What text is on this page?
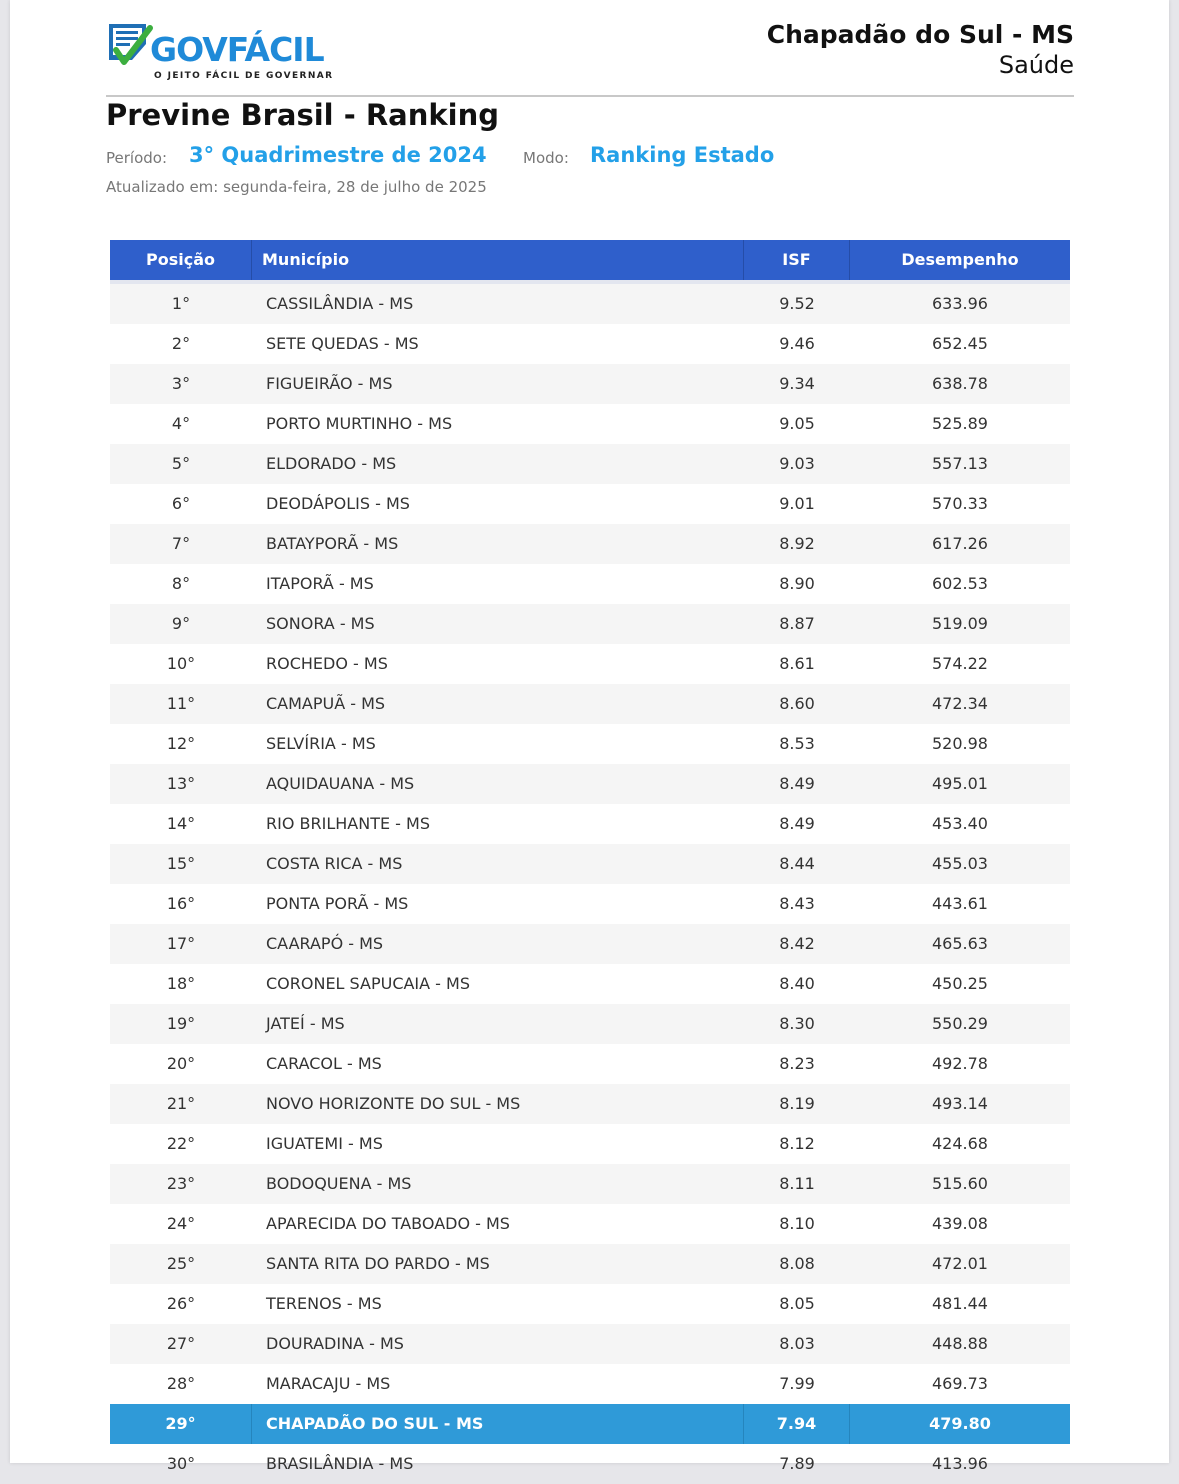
GOVFÁCIL
O JEITO FÁCIL DE GOVERNAR
Chapadão do Sul - MS
Saúde
Previne Brasil - Ranking
Período: 3° Quadrimestre de 2024 Modo: Ranking Estado
Atualizado em: segunda-feira, 28 de julho de 2025
Posição	Município	ISF	Desempenho
1°	CASSILÂNDIA - MS	9.52	633.96
2°	SETE QUEDAS - MS	9.46	652.45
3°	FIGUEIRÃO - MS	9.34	638.78
4°	PORTO MURTINHO - MS	9.05	525.89
5°	ELDORADO - MS	9.03	557.13
6°	DEODÁPOLIS - MS	9.01	570.33
7°	BATAYPORÃ - MS	8.92	617.26
8°	ITAPORÃ - MS	8.90	602.53
9°	SONORA - MS	8.87	519.09
10°	ROCHEDO - MS	8.61	574.22
11°	CAMAPUÃ - MS	8.60	472.34
12°	SELVÍRIA - MS	8.53	520.98
13°	AQUIDAUANA - MS	8.49	495.01
14°	RIO BRILHANTE - MS	8.49	453.40
15°	COSTA RICA - MS	8.44	455.03
16°	PONTA PORÃ - MS	8.43	443.61
17°	CAARAPÓ - MS	8.42	465.63
18°	CORONEL SAPUCAIA - MS	8.40	450.25
19°	JATEÍ - MS	8.30	550.29
20°	CARACOL - MS	8.23	492.78
21°	NOVO HORIZONTE DO SUL - MS	8.19	493.14
22°	IGUATEMI - MS	8.12	424.68
23°	BODOQUENA - MS	8.11	515.60
24°	APARECIDA DO TABOADO - MS	8.10	439.08
25°	SANTA RITA DO PARDO - MS	8.08	472.01
26°	TERENOS - MS	8.05	481.44
27°	DOURADINA - MS	8.03	448.88
28°	MARACAJU - MS	7.99	469.73
29°	CHAPADÃO DO SUL - MS	7.94	479.80
30°	BRASILÂNDIA - MS	7.89	413.96
